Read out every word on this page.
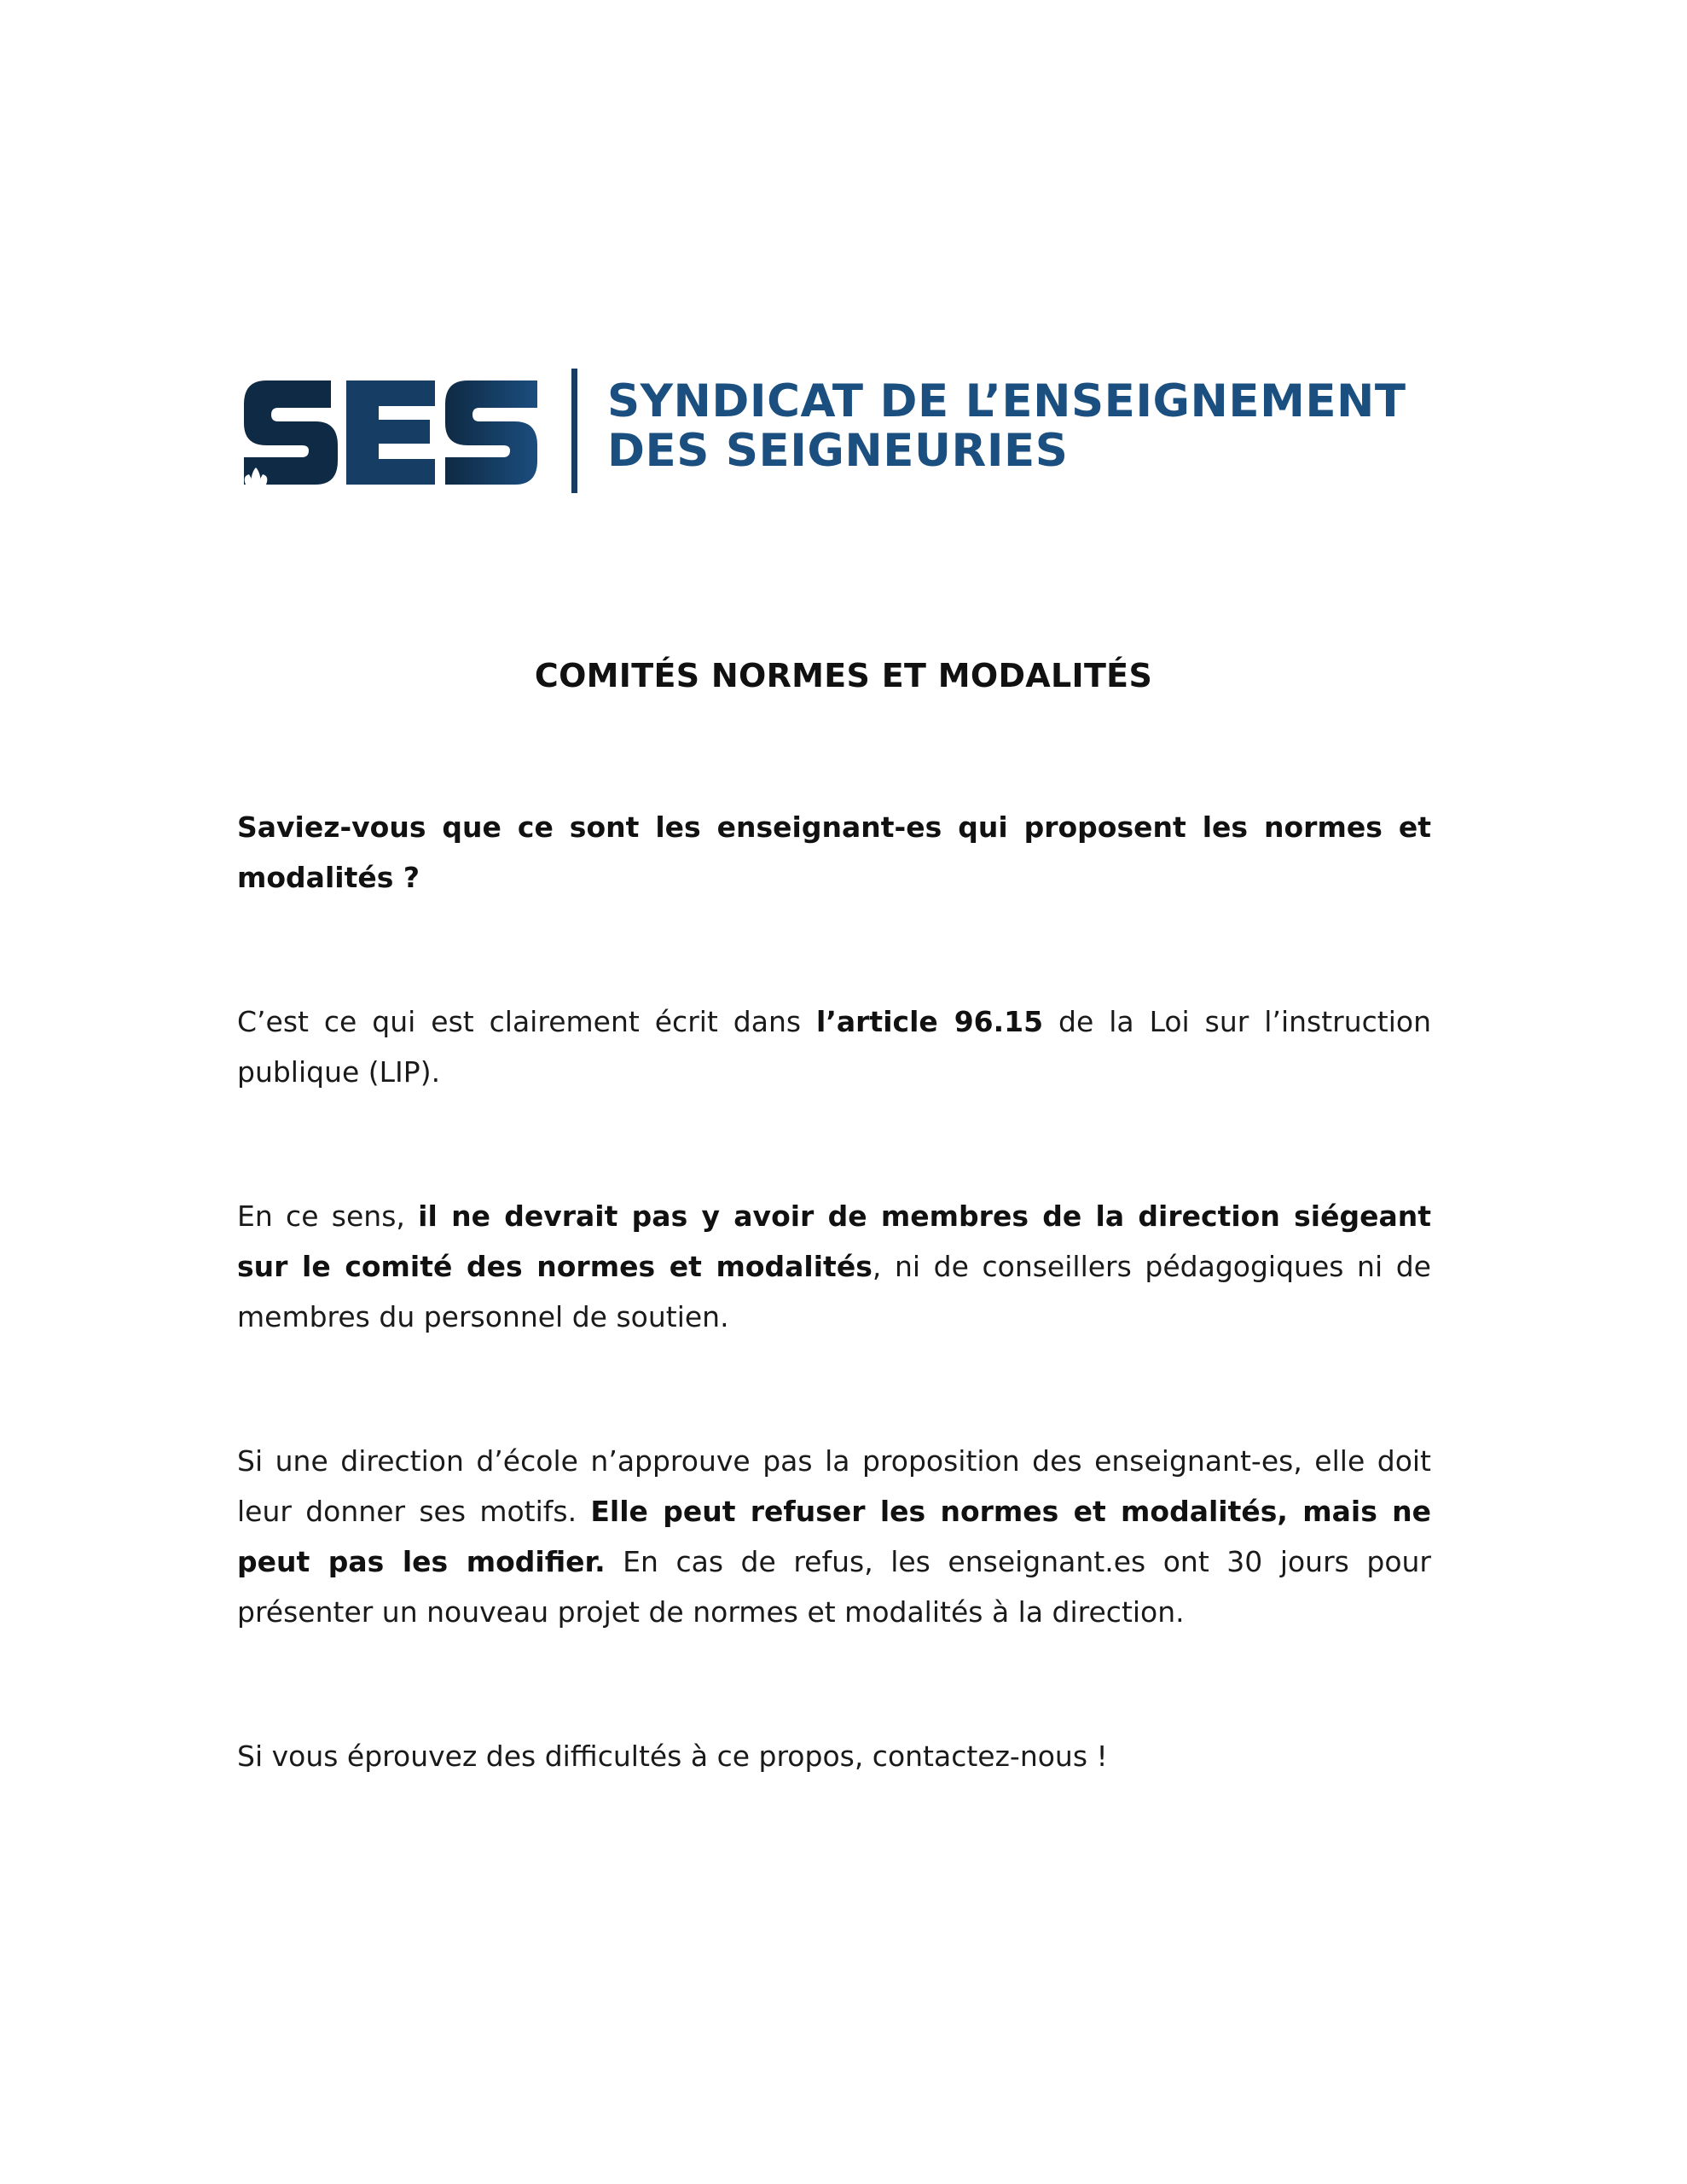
SYNDICAT DE L’ENSEIGNEMENT
DES SEIGNEURIES
COMITÉS NORMES ET MODALITÉS

Saviez-vous que ce sont les enseignant-es qui proposent les normes et modalités ?

C’est ce qui est clairement écrit dans l’article 96.15 de la Loi sur l’instruction publique (LIP).

En ce sens, il ne devrait pas y avoir de membres de la direction siégeant sur le comité des normes et modalités, ni de conseillers pédagogiques ni de membres du personnel de soutien.

Si une direction d’école n’approuve pas la proposition des enseignant-es, elle doit leur donner ses motifs. Elle peut refuser les normes et modalités, mais ne peut pas les modifier. En cas de refus, les enseignant.es ont 30 jours pour présenter un nouveau projet de normes et modalités à la direction.

Si vous éprouvez des difficultés à ce propos, contactez-nous !
